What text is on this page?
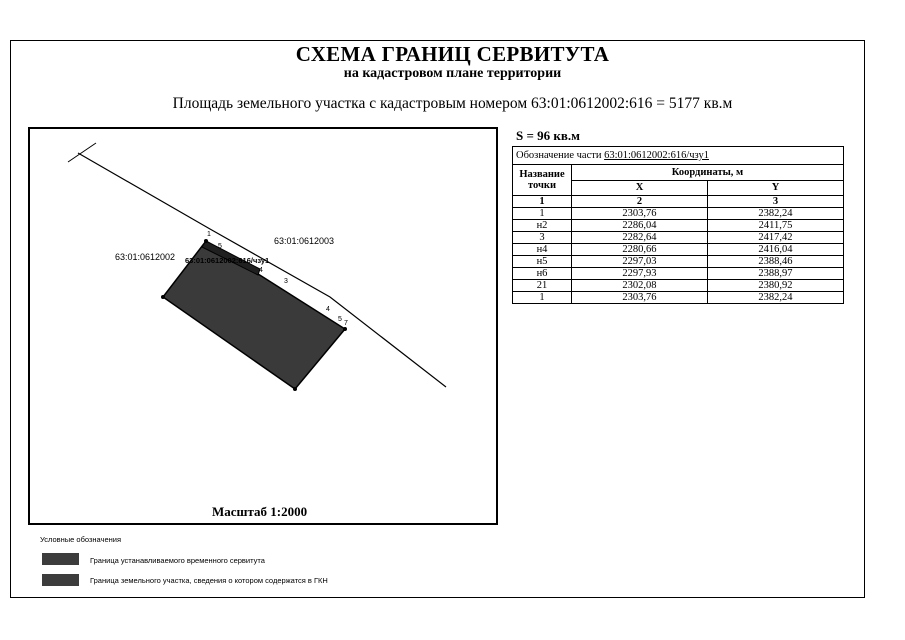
СХЕМА ГРАНИЦ СЕРВИТУТА
на кадастровом плане территории
Площадь земельного участка с кадастровым номером 63:01:0612002:616 = 5177 кв.м
63:01:0612002
63:01:0612003
63:01:0612002:616/чзу1
1
5
3
4
4
5
7
Масштаб 1:2000
S = 96 кв.м
Обозначение части 63:01:0612002:616/чзу1		
Название точки	Координаты, м	
	X	Y
1	2	3
1	2303,76	2382,24
н2	2286,04	2411,75
3	2282,64	2417,42
н4	2280,66	2416,04
н5	2297,03	2388,46
н6	2297,93	2388,97
21	2302,08	2380,92
1	2303,76	2382,24
Условные обозначения
Граница устанавливаемого временного сервитута
Граница земельного участка, сведения о котором содержатся в ГКН
